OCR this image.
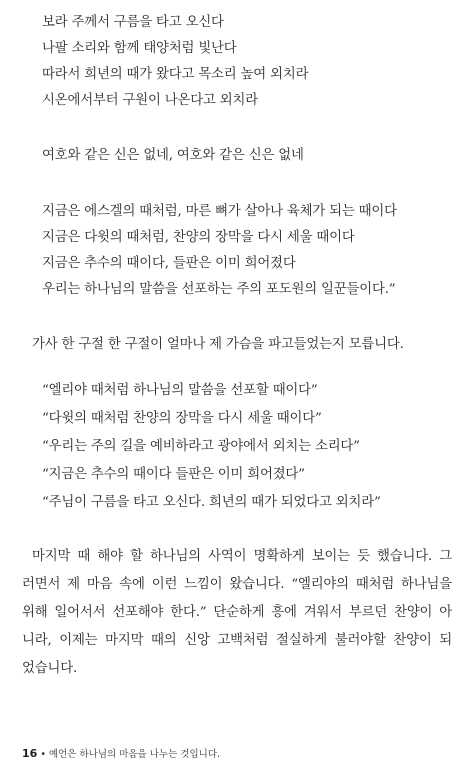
보라 주께서 구름을 타고 오신다
나팔 소리와 함께 태양처럼 빛난다
따라서 희년의 때가 왔다고 목소리 높여 외치라
시온에서부터 구원이 나온다고 외치라
여호와 같은 신은 없네, 여호와 같은 신은 없네
지금은 에스겔의 때처럼, 마른 뼈가 살아나 육체가 되는 때이다
지금은 다윗의 때처럼, 찬양의 장막을 다시 세울 때이다
지금은 추수의 때이다, 들판은 이미 희어졌다
우리는 하나님의 말씀을 선포하는 주의 포도원의 일꾼들이다.”
가사 한 구절 한 구절이 얼마나 제 가슴을 파고들었는지 모릅니다.
“엘리야 때처럼 하나님의 말씀을 선포할 때이다”
“다윗의 때처럼 찬양의 장막을 다시 세울 때이다”
“우리는 주의 길을 예비하라고 광야에서 외치는 소리다”
“지금은 추수의 때이다 들판은 이미 희어졌다”
“주님이 구름을 타고 오신다. 희년의 때가 되었다고 외치라”
마지막 때 해야 할 하나님의 사역이 명확하게 보이는 듯 했습니다. 그
러면서 제 마음 속에 이런 느낌이 왔습니다. “엘리야의 때처럼 하나님을
위해 일어서서 선포해야 한다.” 단순하게 흥에 겨워서 부르던 찬양이 아
니라, 이제는 마지막 때의 신앙 고백처럼 절실하게 불러야할 찬양이 되
었습니다.
16 • 예언은 하나님의 마음을 나누는 것입니다.
